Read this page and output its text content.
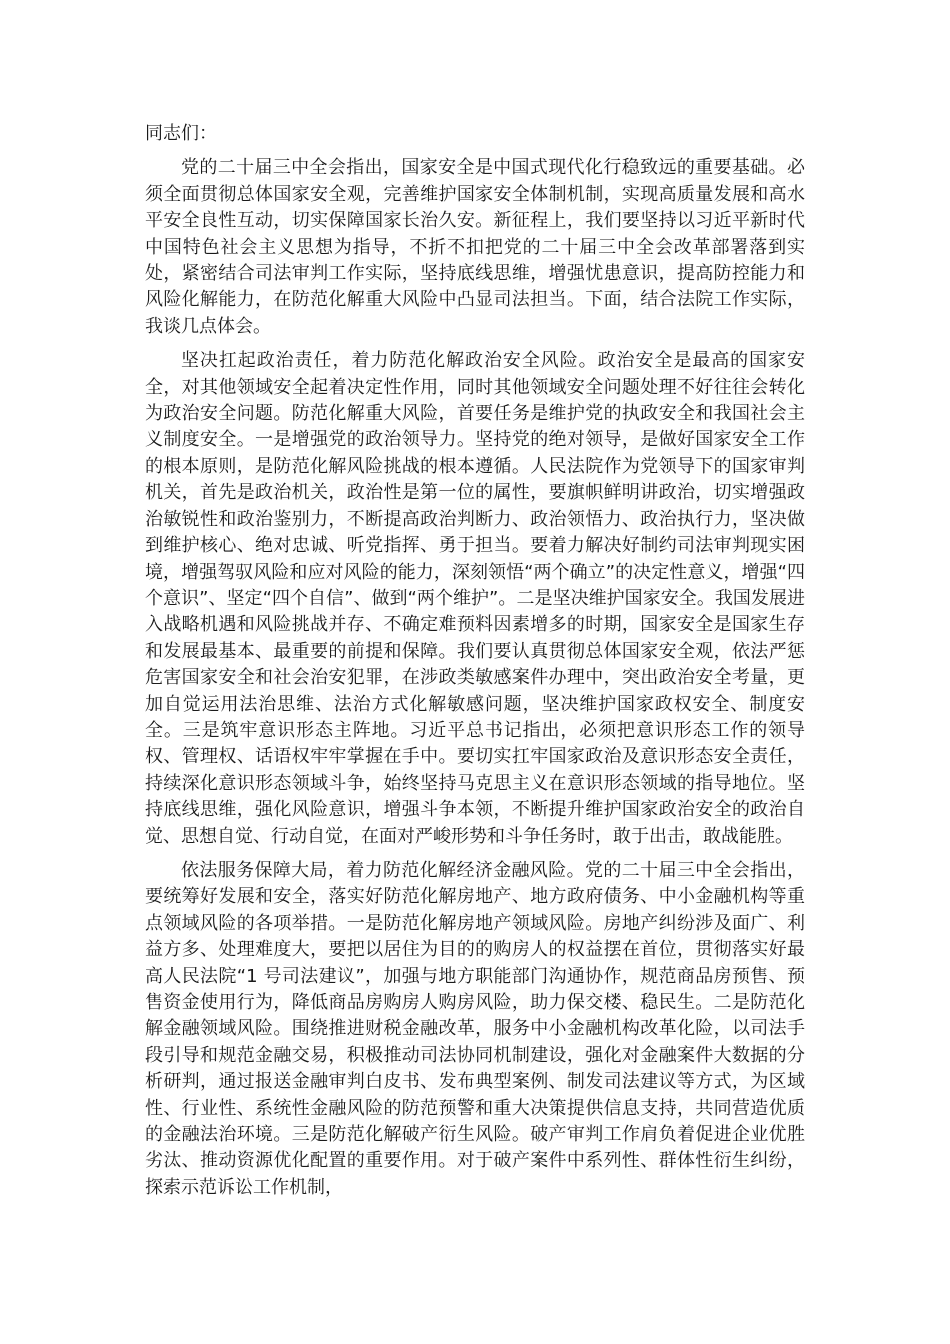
同志们：

党的二十届三中全会指出，国家安全是中国式现代化行稳致远的重要基础。必须全面贯彻总体国家安全观，完善维护国家安全体制机制，实现高质量发展和高水平安全良性互动，切实保障国家长治久安。新征程上，我们要坚持以习近平新时代中国特色社会主义思想为指导，不折不扣把党的二十届三中全会改革部署落到实处，紧密结合司法审判工作实际，坚持底线思维，增强忧患意识，提高防控能力和风险化解能力，在防范化解重大风险中凸显司法担当。下面，结合法院工作实际，我谈几点体会。

坚决扛起政治责任，着力防范化解政治安全风险。政治安全是最高的国家安全，对其他领域安全起着决定性作用，同时其他领域安全问题处理不好往往会转化为政治安全问题。防范化解重大风险，首要任务是维护党的执政安全和我国社会主义制度安全。一是增强党的政治领导力。坚持党的绝对领导，是做好国家安全工作的根本原则，是防范化解风险挑战的根本遵循。人民法院作为党领导下的国家审判机关，首先是政治机关，政治性是第一位的属性，要旗帜鲜明讲政治，切实增强政治敏锐性和政治鉴别力，不断提高政治判断力、政治领悟力、政治执行力，坚决做到维护核心、绝对忠诚、听党指挥、勇于担当。要着力解决好制约司法审判现实困境，增强驾驭风险和应对风险的能力，深刻领悟“两个确立”的决定性意义，增强“四个意识”、坚定“四个自信”、做到“两个维护”。二是坚决维护国家安全。我国发展进入战略机遇和风险挑战并存、不确定难预料因素增多的时期，国家安全是国家生存和发展最基本、最重要的前提和保障。我们要认真贯彻总体国家安全观，依法严惩危害国家安全和社会治安犯罪，在涉政类敏感案件办理中，突出政治安全考量，更加自觉运用法治思维、法治方式化解敏感问题，坚决维护国家政权安全、制度安全。三是筑牢意识形态主阵地。习近平总书记指出，必须把意识形态工作的领导权、管理权、话语权牢牢掌握在手中。要切实扛牢国家政治及意识形态安全责任，持续深化意识形态领域斗争，始终坚持马克思主义在意识形态领域的指导地位。坚持底线思维，强化风险意识，增强斗争本领，不断提升维护国家政治安全的政治自觉、思想自觉、行动自觉，在面对严峻形势和斗争任务时，敢于出击，敢战能胜。

依法服务保障大局，着力防范化解经济金融风险。党的二十届三中全会指出，要统筹好发展和安全，落实好防范化解房地产、地方政府债务、中小金融机构等重点领域风险的各项举措。一是防范化解房地产领域风险。房地产纠纷涉及面广、利益方多、处理难度大，要把以居住为目的的购房人的权益摆在首位，贯彻落实好最高人民法院“1 号司法建议”，加强与地方职能部门沟通协作，规范商品房预售、预售资金使用行为，降低商品房购房人购房风险，助力保交楼、稳民生。二是防范化解金融领域风险。围绕推进财税金融改革，服务中小金融机构改革化险，以司法手段引导和规范金融交易，积极推动司法协同机制建设，强化对金融案件大数据的分析研判，通过报送金融审判白皮书、发布典型案例、制发司法建议等方式，为区域性、行业性、系统性金融风险的防范预警和重大决策提供信息支持，共同营造优质的金融法治环境。三是防范化解破产衍生风险。破产审判工作肩负着促进企业优胜劣汰、推动资源优化配置的重要作用。对于破产案件中系列性、群体性衍生纠纷，探索示范诉讼工作机制，
